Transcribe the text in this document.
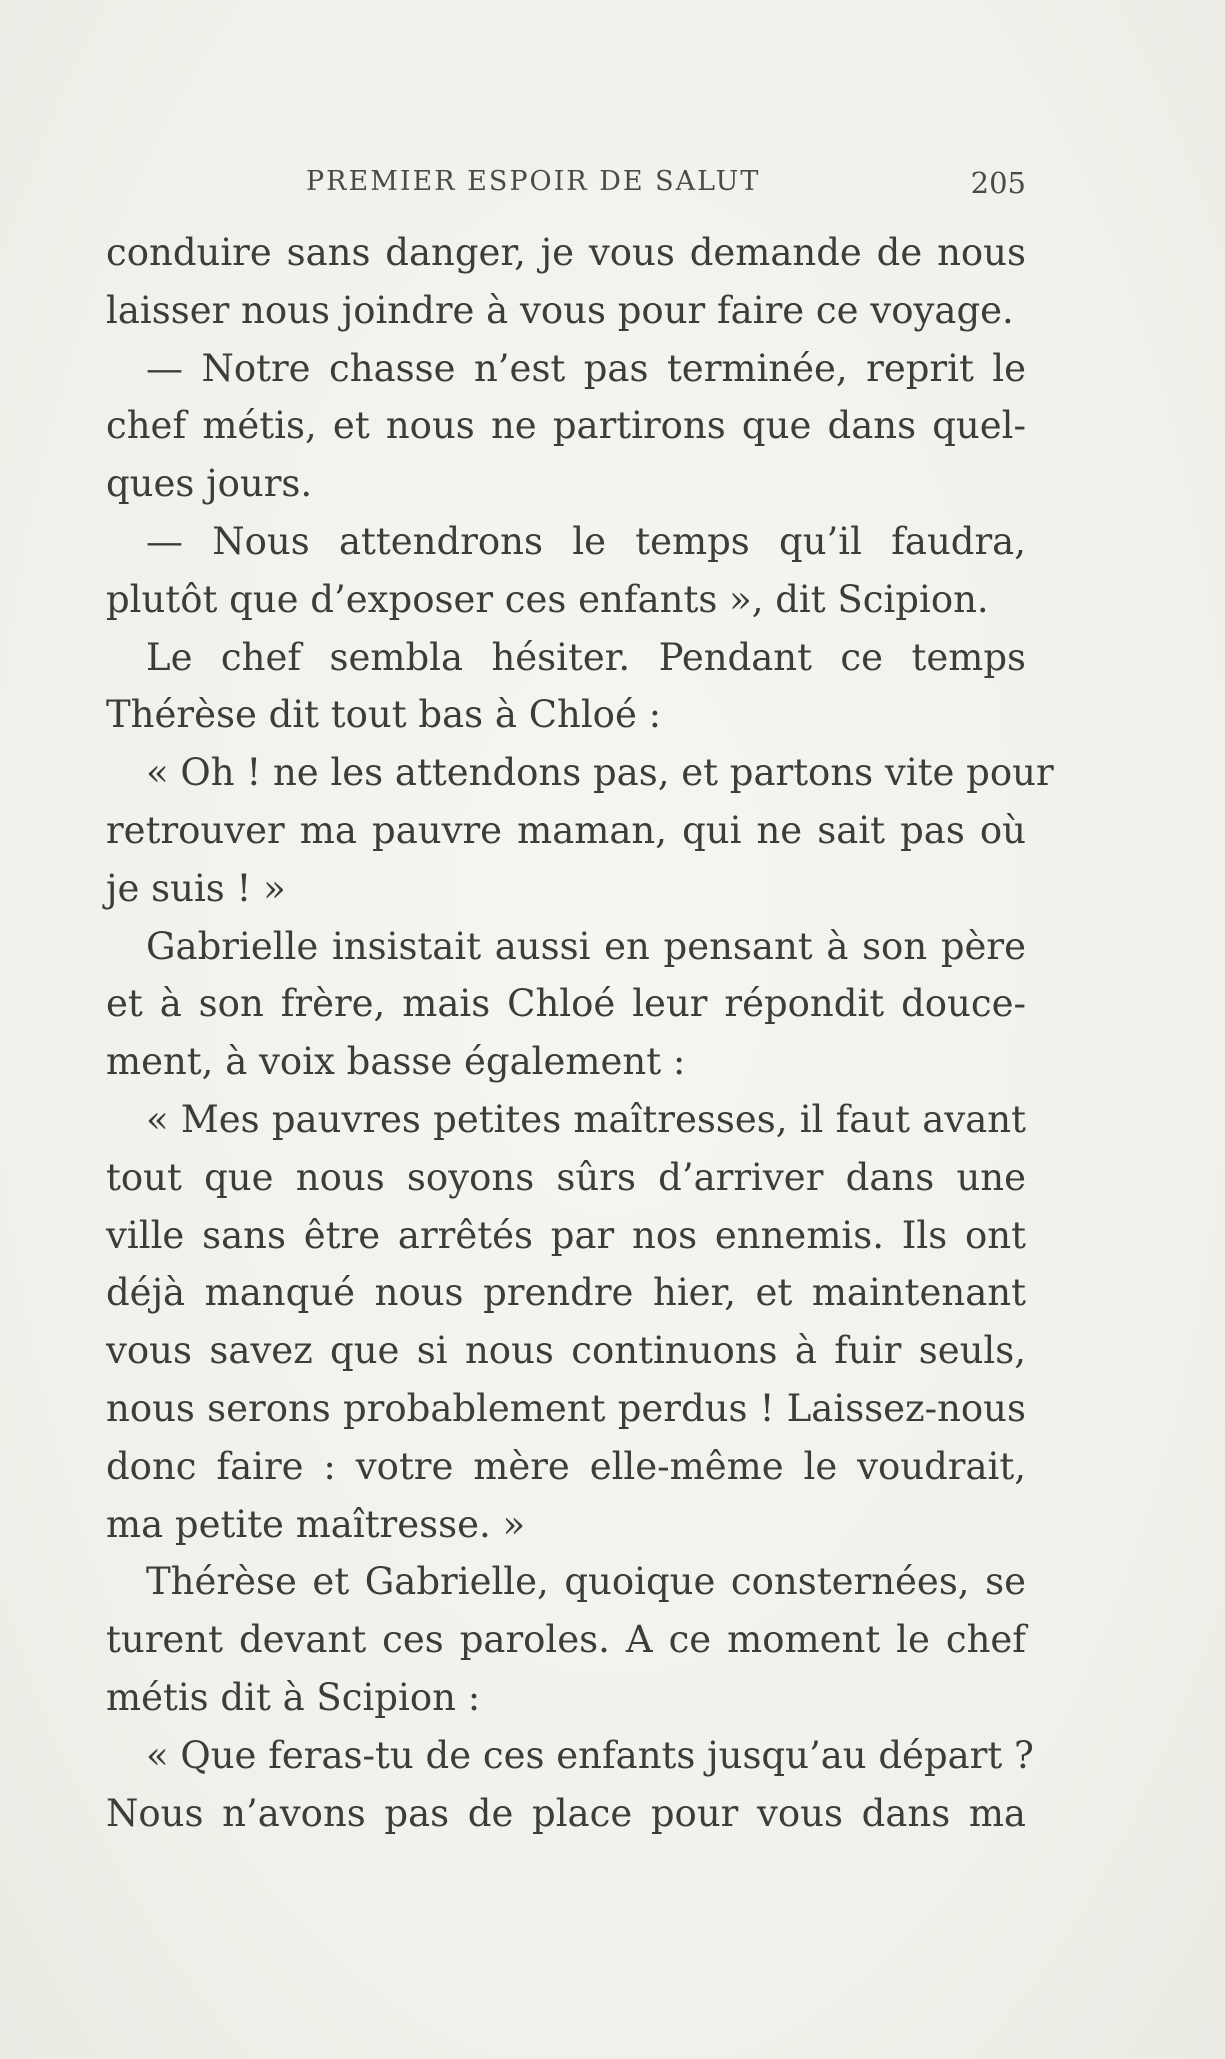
PREMIER ESPOIR DE SALUT	205
conduire sans danger, je vous demande de nous
laisser nous joindre à vous pour faire ce voyage.
— Notre chasse n’est pas terminée, reprit le
chef métis, et nous ne partirons que dans quel-
ques jours.
— Nous attendrons le temps qu’il faudra,
plutôt que d’exposer ces enfants », dit Scipion.
Le chef sembla hésiter. Pendant ce temps
Thérèse dit tout bas à Chloé :
« Oh ! ne les attendons pas, et partons vite pour
retrouver ma pauvre maman, qui ne sait pas où
je suis ! »
Gabrielle insistait aussi en pensant à son père
et à son frère, mais Chloé leur répondit douce-
ment, à voix basse également :
« Mes pauvres petites maîtresses, il faut avant
tout que nous soyons sûrs d’arriver dans une
ville sans être arrêtés par nos ennemis. Ils ont
déjà manqué nous prendre hier, et maintenant
vous savez que si nous continuons à fuir seuls,
nous serons probablement perdus ! Laissez-nous
donc faire : votre mère elle-même le voudrait,
ma petite maîtresse. »
Thérèse et Gabrielle, quoique consternées, se
turent devant ces paroles. A ce moment le chef
métis dit à Scipion :
« Que feras-tu de ces enfants jusqu’au départ ?
Nous n’avons pas de place pour vous dans ma
